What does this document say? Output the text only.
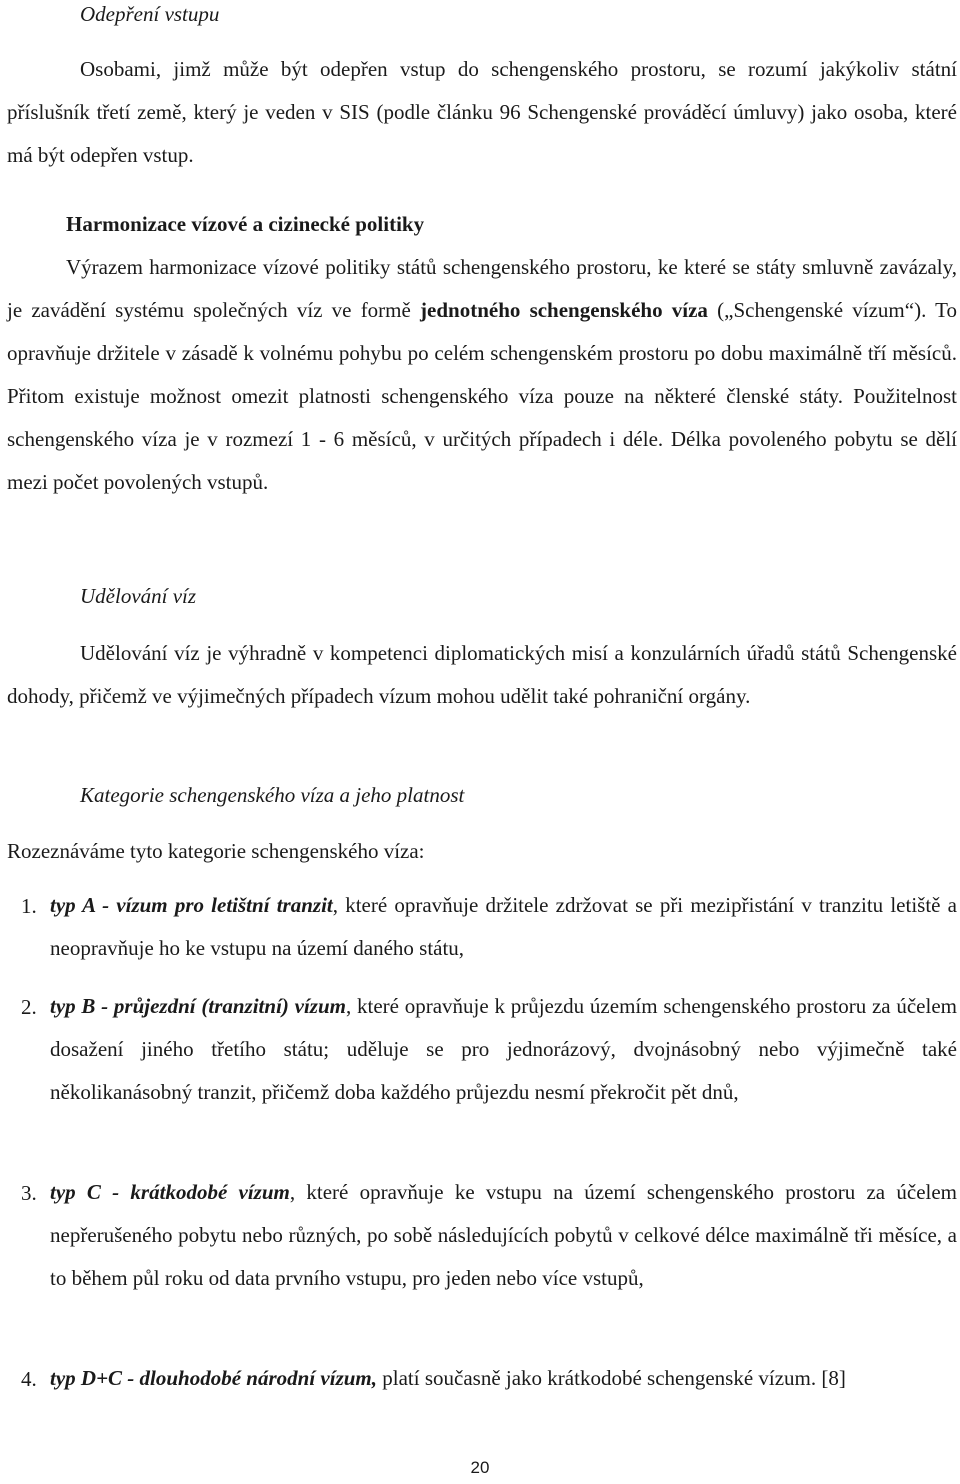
Odepření vstupu

Osobami, jimž může být odepřen vstup do schengenského prostoru, se rozumí jakýkoliv státní příslušník třetí země, který je veden v SIS (podle článku 96 Schengenské prováděcí úmluvy) jako osoba, které má být odepřen vstup.

Harmonizace vízové a cizinecké politiky

Výrazem harmonizace vízové politiky států schengenského prostoru, ke které se státy smluvně zavázaly, je zavádění systému společných víz ve formě jednotného schengenského víza („Schengenské vízum“). To opravňuje držitele v zásadě k volnému pohybu po celém schengenském prostoru po dobu maximálně tří měsíců. Přitom existuje možnost omezit platnosti schengenského víza pouze na některé členské státy. Použitelnost schengenského víza je v rozmezí 1 - 6 měsíců, v určitých případech i déle. Délka povoleného pobytu se dělí mezi počet povolených vstupů.

Udělování víz

Udělování víz je výhradně v kompetenci diplomatických misí a konzulárních úřadů států Schengenské dohody, přičemž ve výjimečných případech vízum mohou udělit také pohraniční orgány.

Kategorie schengenského víza a jeho platnost
Rozeznáváme tyto kategorie schengenského víza:
1. typ A - vízum pro letištní tranzit, které opravňuje držitele zdržovat se při mezipřistání v tranzitu letiště a neopravňuje ho ke vstupu na území daného státu,

2. typ B - průjezdní (tranzitní) vízum, které opravňuje k průjezdu územím schengenského prostoru za účelem dosažení jiného třetího státu; uděluje se pro jednorázový, dvojnásobný nebo výjimečně také několikanásobný tranzit, přičemž doba každého průjezdu nesmí překročit pět dnů,

3. typ C - krátkodobé vízum, které opravňuje ke vstupu na území schengenského prostoru za účelem nepřerušeného pobytu nebo různých, po sobě následujících pobytů v celkové délce maximálně tři měsíce, a to během půl roku od data prvního vstupu, pro jeden nebo více vstupů,

4. typ D+C - dlouhodobé národní vízum, platí současně jako krátkodobé schengenské vízum. [8]

20
